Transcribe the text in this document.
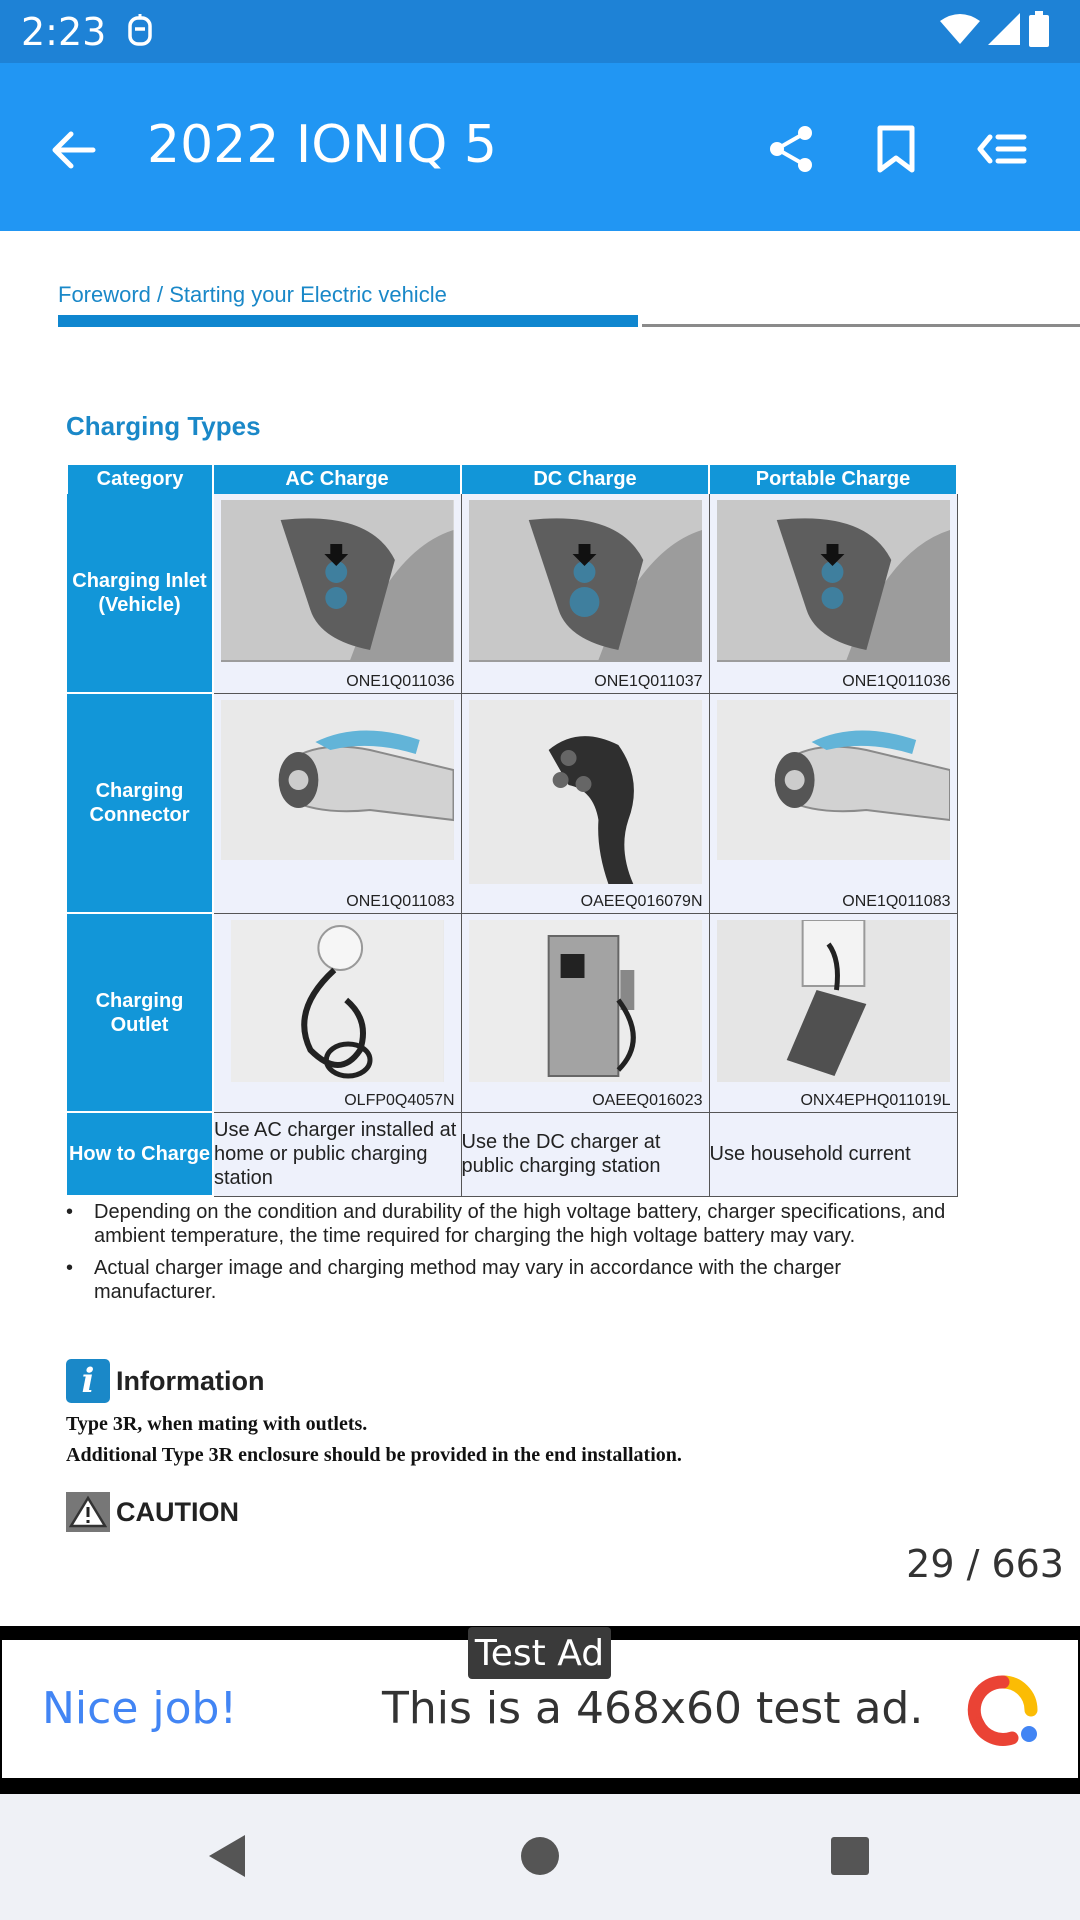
2:23
2022 IONIQ 5
Foreword / Starting your Electric vehicle
Charging Types
Category	AC Charge	DC Charge	Portable Charge
Charging Inlet (Vehicle)	ONE1Q011036	ONE1Q011037	ONE1Q011036

Charging Connector	ONE1Q011083	OAEEQ016079N	ONE1Q011083

Charging Outlet	OLFP0Q4057N	OAEEQ016023	ONX4EPHQ011019L

How to Charge	Use AC charger installed at home or public charging station	Use the DC charger at public charging station	Use household current
• Depending on the condition and durability of the high voltage battery, charger specifications, and ambient temperature, the time required for charging the high voltage battery may vary.
• Actual charger image and charging method may vary in accordance with the charger manufacturer.
i Information
Type 3R, when mating with outlets.
Additional Type 3R enclosure should be provided in the end installation.
CAUTION
29 / 663
Test Ad
Nice job!	This is a 468x60 test ad.
